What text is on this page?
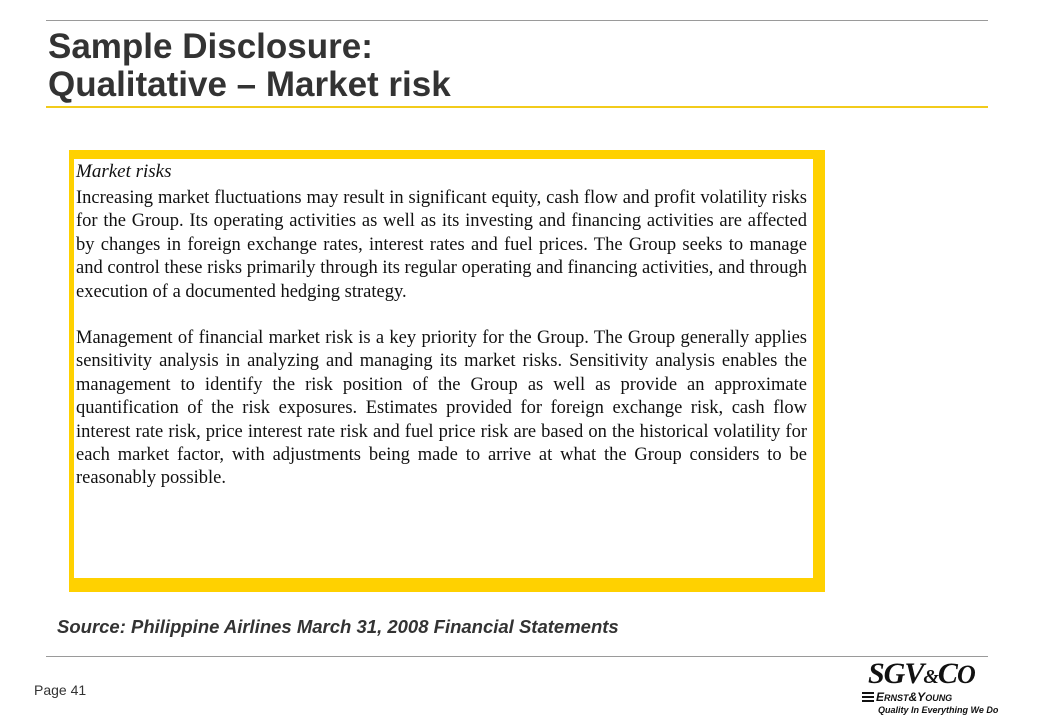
Sample Disclosure:
Qualitative – Market risk
Market risks

Increasing market fluctuations may result in significant equity, cash flow and profit volatility risks for the Group. Its operating activities as well as its investing and financing activities are affected by changes in foreign exchange rates, interest rates and fuel prices. The Group seeks to manage and control these risks primarily through its regular operating and financing activities, and through execution of a documented hedging strategy.

Management of financial market risk is a key priority for the Group. The Group generally applies sensitivity analysis in analyzing and managing its market risks. Sensitivity analysis enables the management to identify the risk position of the Group as well as provide an approximate quantification of the risk exposures. Estimates provided for foreign exchange risk, cash flow interest rate risk, price interest rate risk and fuel price risk are based on the historical volatility for each market factor, with adjustments being made to arrive at what the Group considers to be reasonably possible.

Source: Philippine Airlines March 31, 2008 Financial Statements
Page 41	SGV&CO
ERNST&YOUNG
Quality In Everything We Do
